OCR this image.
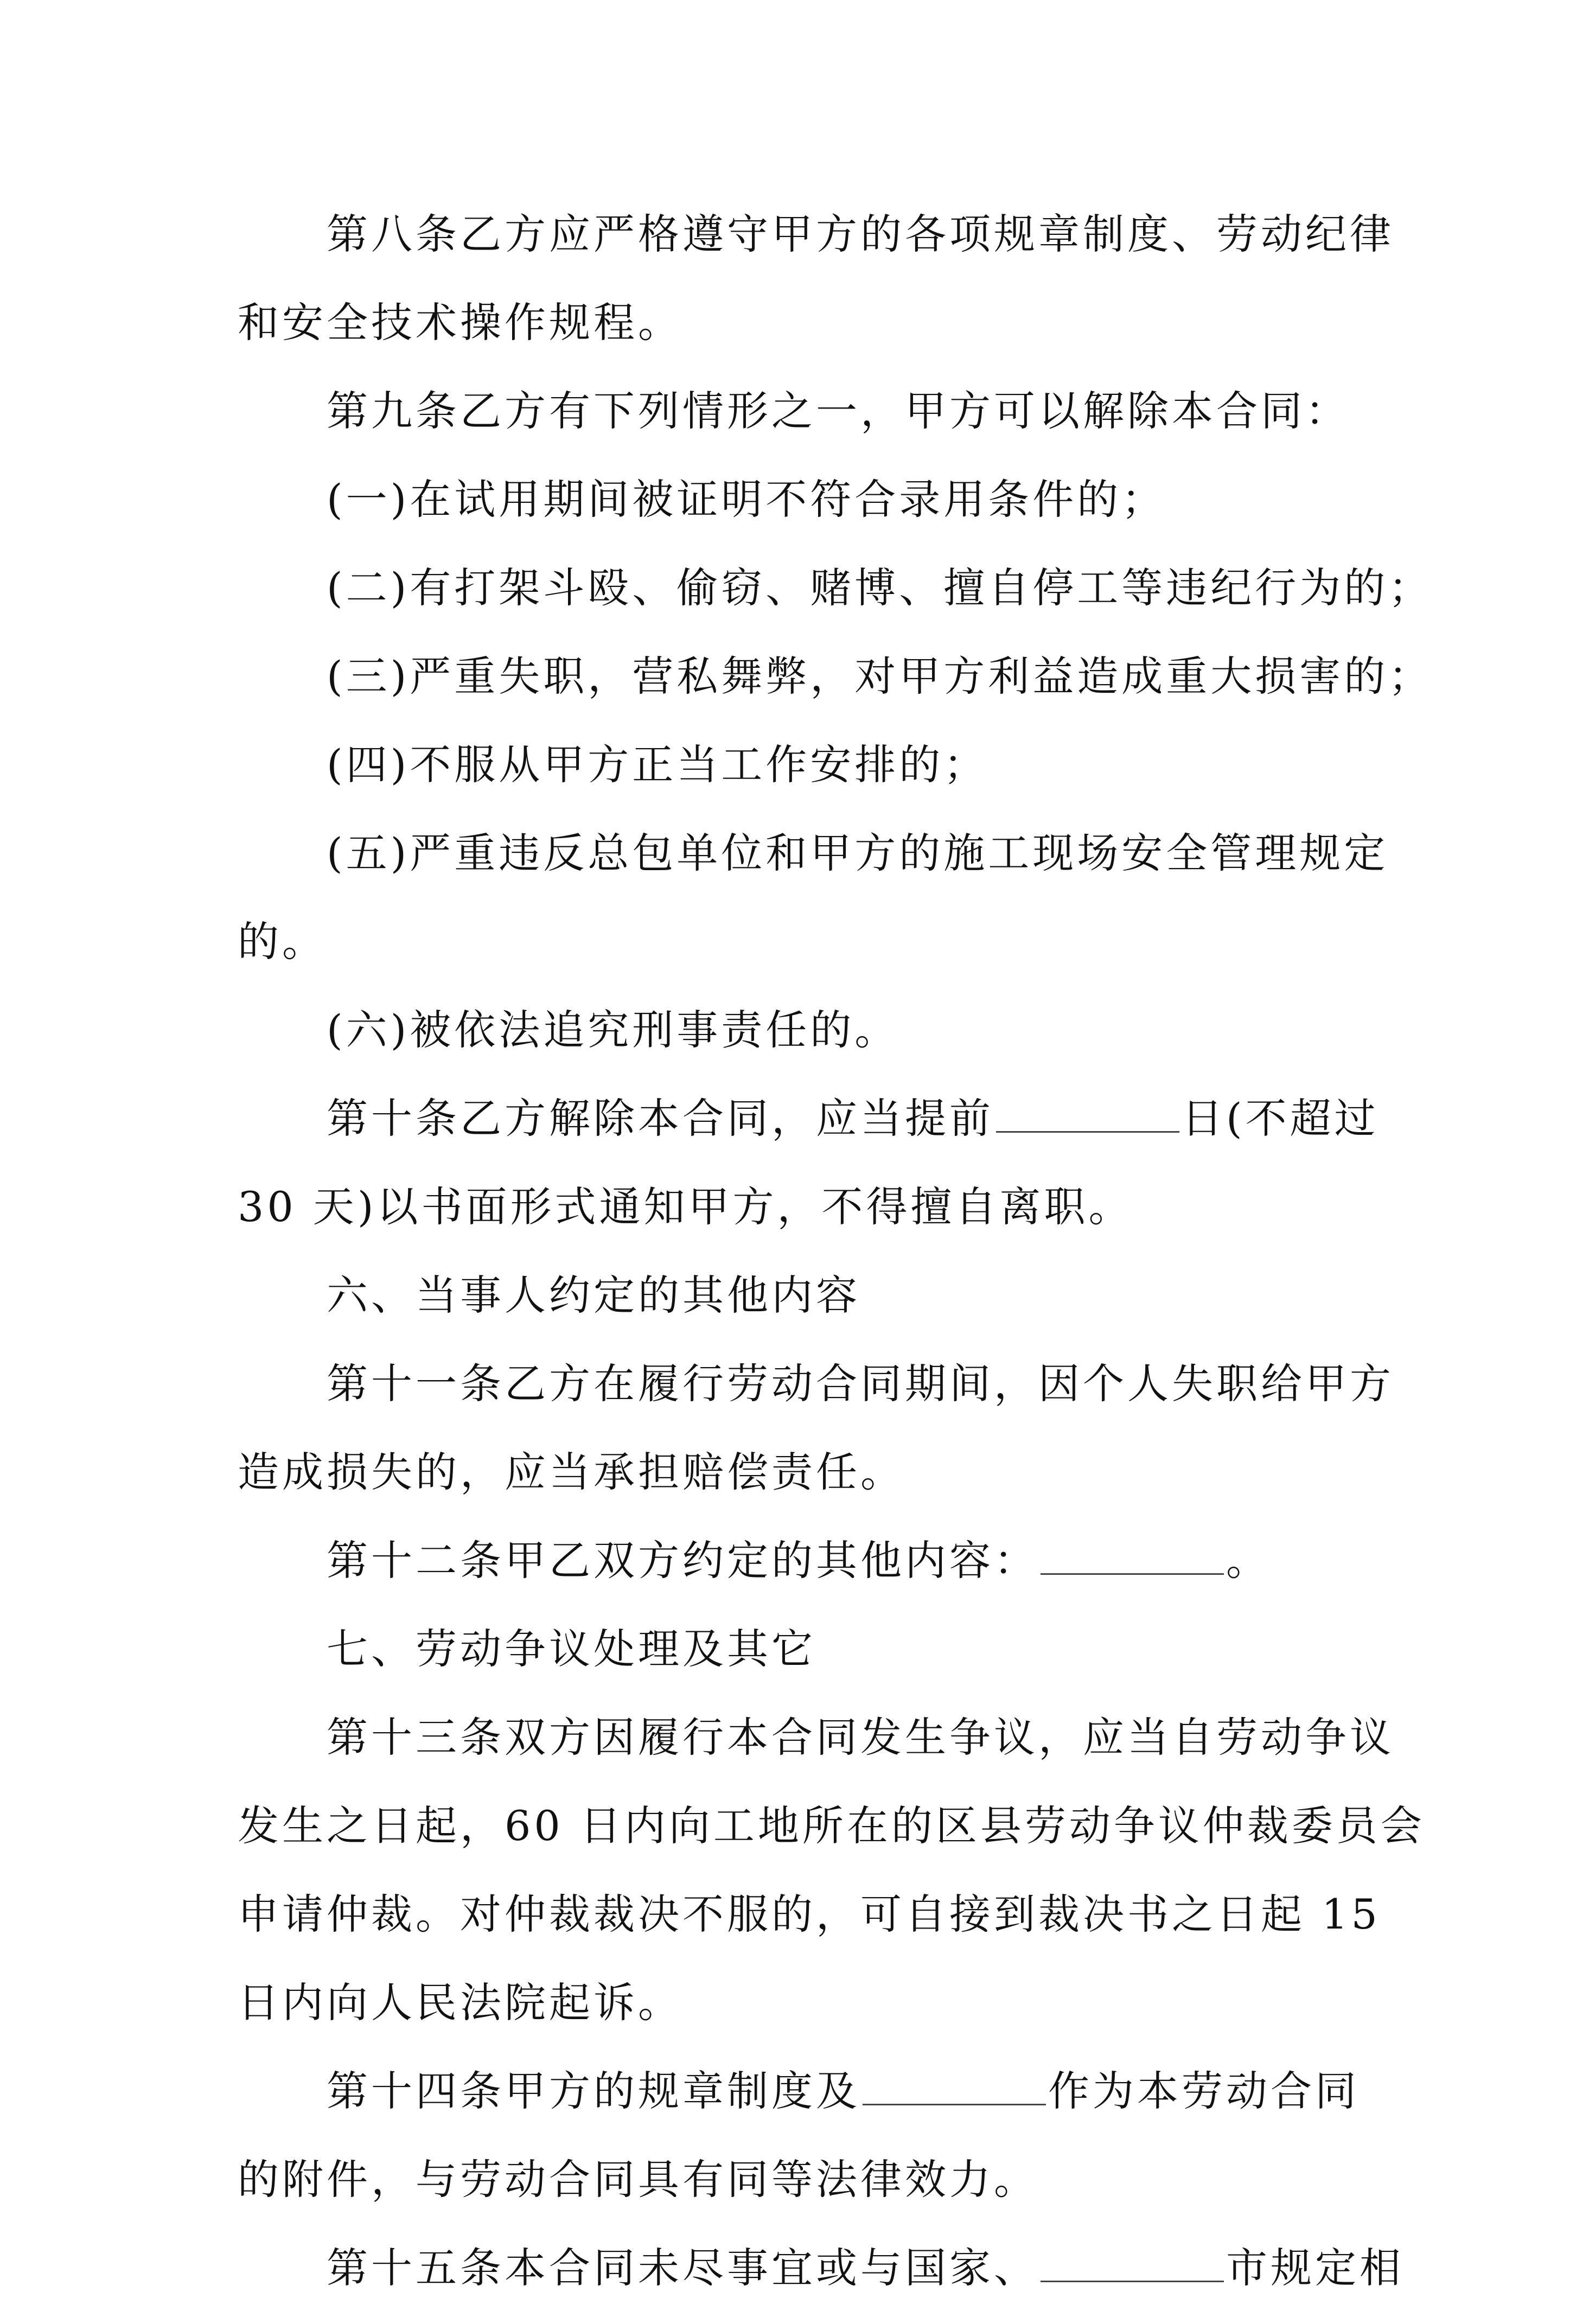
第八条乙方应严格遵守甲方的各项规章制度、劳动纪律
和安全技术操作规程。
第九条乙方有下列情形之一，甲方可以解除本合同：
(一)在试用期间被证明不符合录用条件的；
(二)有打架斗殴、偷窃、赌博、擅自停工等违纪行为的；
(三)严重失职，营私舞弊，对甲方利益造成重大损害的；
(四)不服从甲方正当工作安排的；
(五)严重违反总包单位和甲方的施工现场安全管理规定
的。
(六)被依法追究刑事责任的。
第十条乙方解除本合同，应当提前	日(不超过
30 天)以书面形式通知甲方，不得擅自离职。
六、当事人约定的其他内容
第十一条乙方在履行劳动合同期间，因个人失职给甲方
造成损失的，应当承担赔偿责任。
第十二条甲乙双方约定的其他内容：	。
七、劳动争议处理及其它
第十三条双方因履行本合同发生争议，应当自劳动争议
发生之日起，60 日内向工地所在的区县劳动争议仲裁委员会
申请仲裁。对仲裁裁决不服的，可自接到裁决书之日起 15
日内向人民法院起诉。
第十四条甲方的规章制度及	作为本劳动合同
的附件，与劳动合同具有同等法律效力。
第十五条本合同未尽事宜或与国家、	市规定相
